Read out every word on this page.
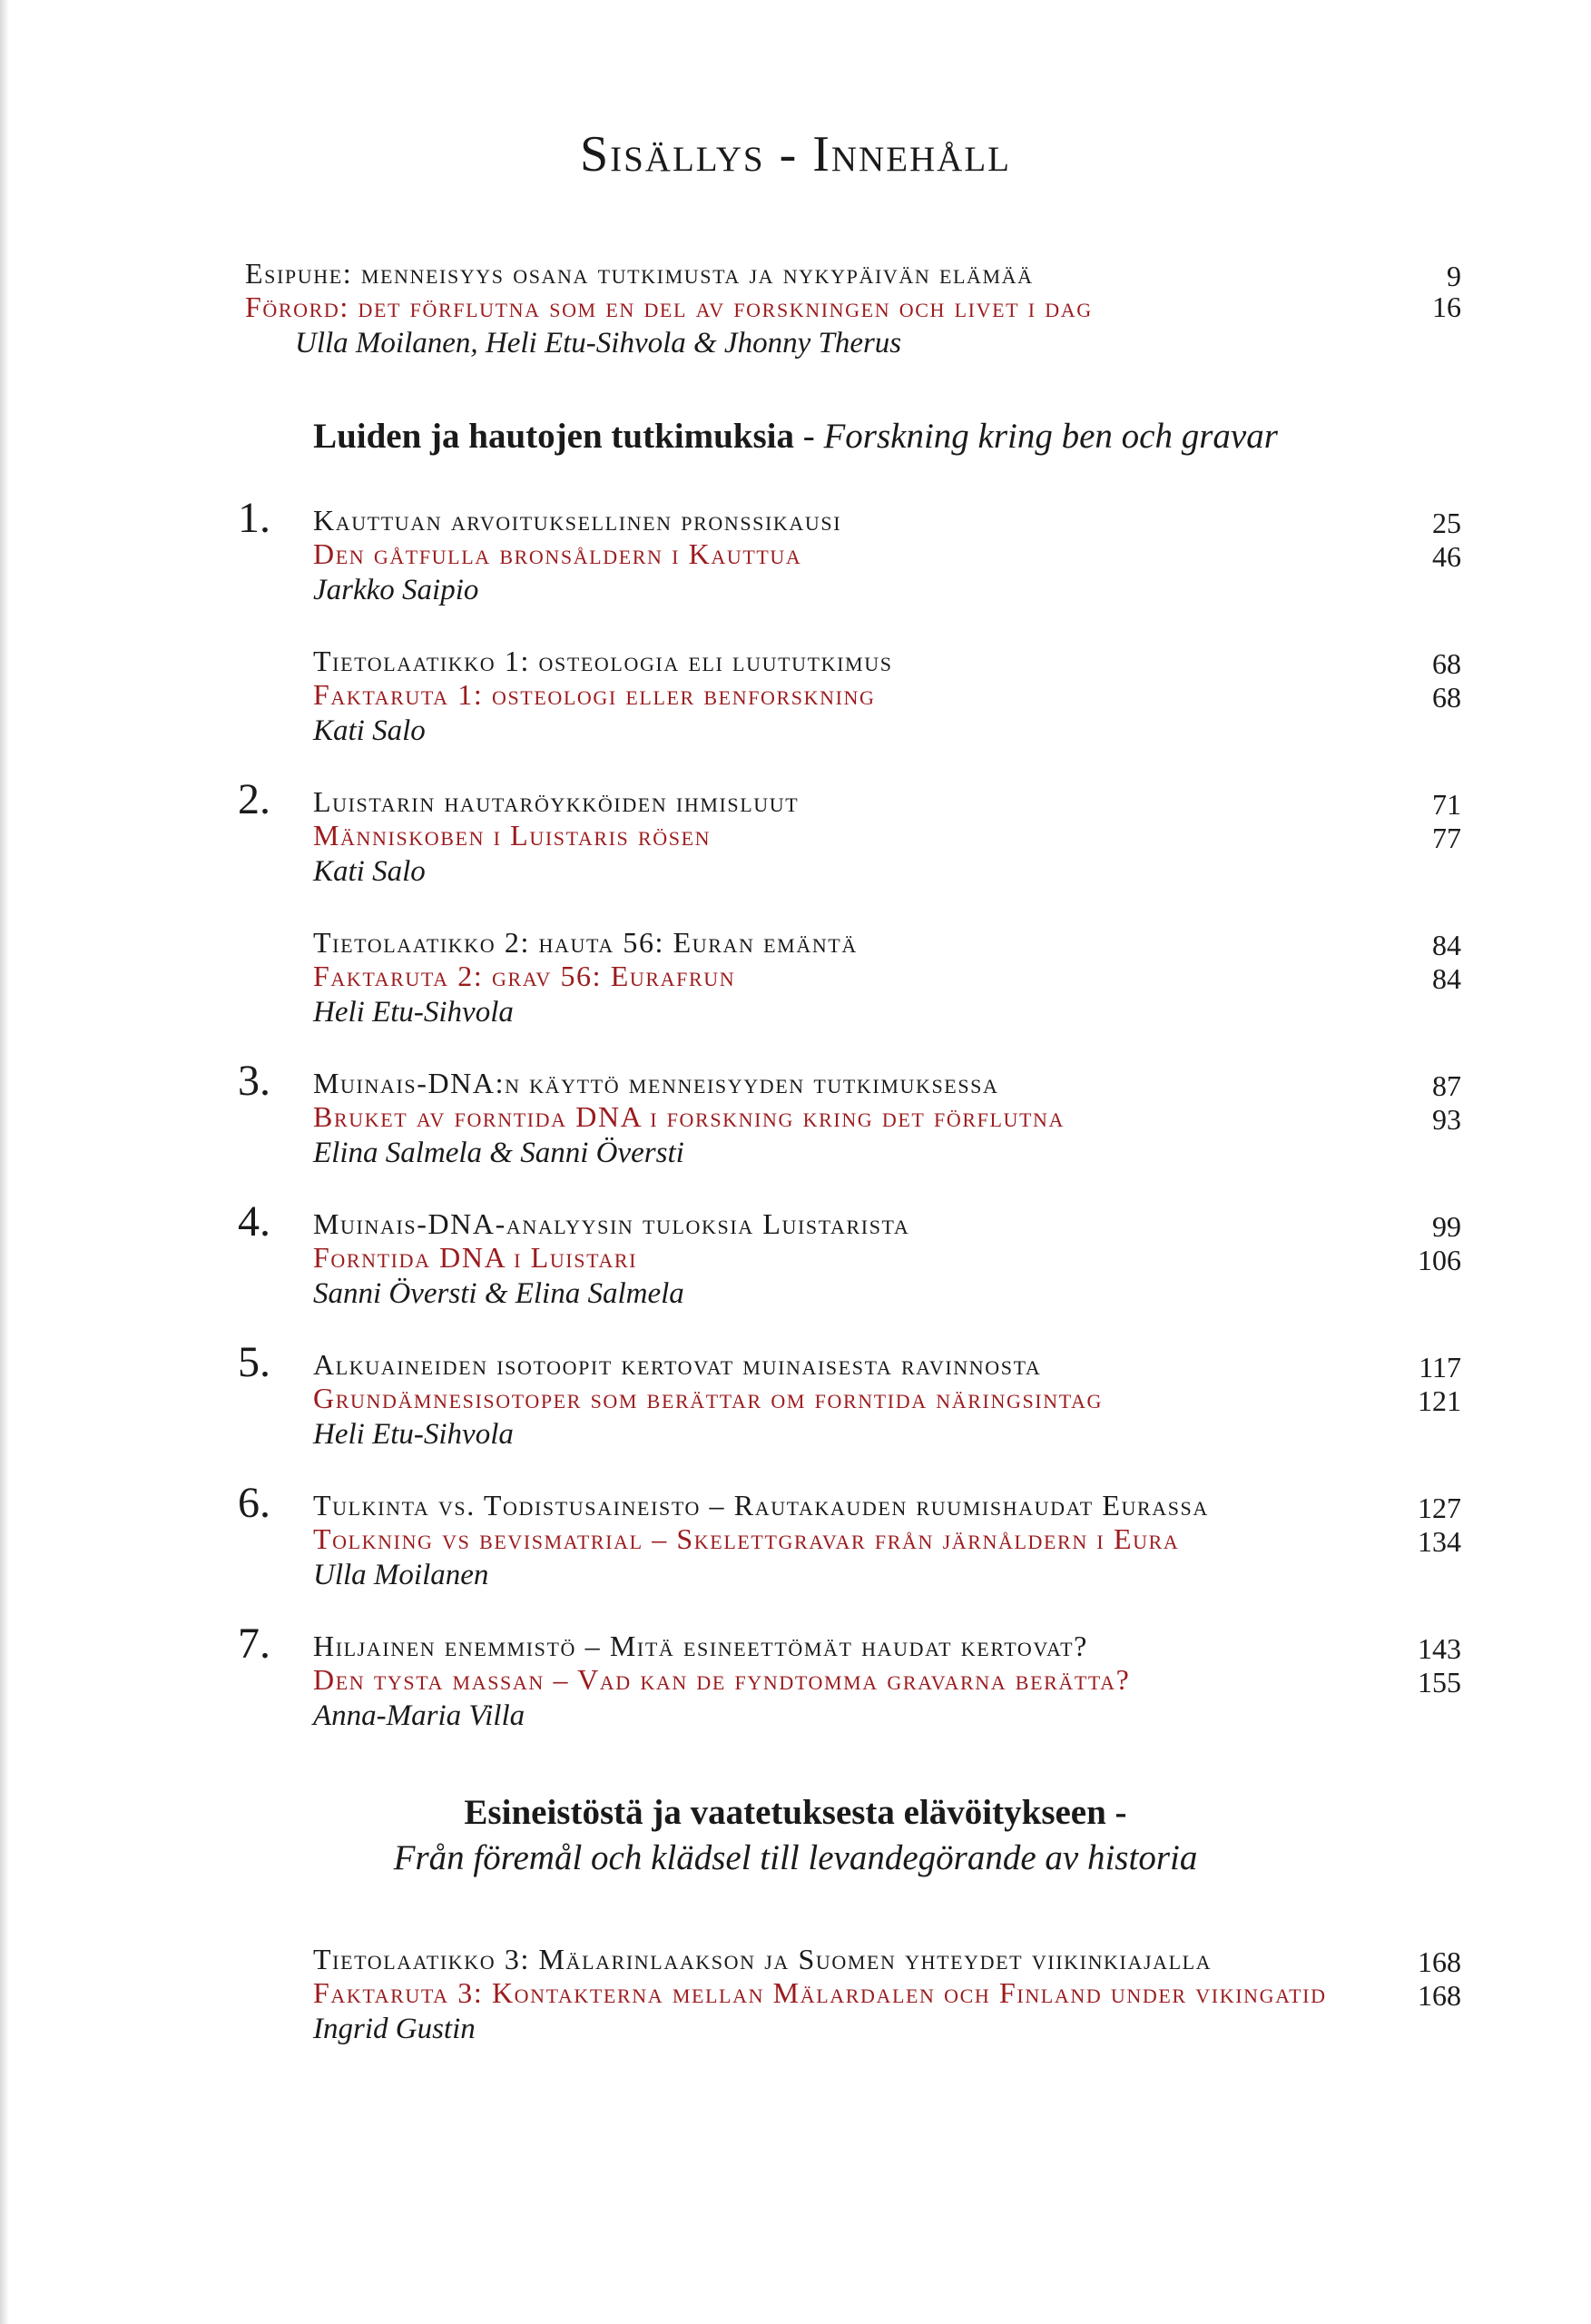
Sisällys - Innehåll

Esipuhe: menneisyys osana tutkimusta ja nykypäivän elämää	9

Förord: det förflutna som en del av forskningen och livet i dag	16

Ulla Moilanen, Heli Etu-Sihvola & Jhonny Therus

Luiden ja hautojen tutkimuksia - Forskning kring ben och gravar

1. Kauttuan arvoituksellinen pronssikausi	25

Den gåtfulla bronsåldern i Kauttua	46

Jarkko Saipio

Tietolaatikko 1: osteologia eli luututkimus	68

Faktaruta 1: osteologi eller benforskning	68

Kati Salo

2. Luistarin hautaröykköiden ihmisluut	71

Människoben i Luistaris rösen	77

Kati Salo

Tietolaatikko 2: hauta 56: Euran emäntä	84

Faktaruta 2: grav 56: Eurafrun	84

Heli Etu-Sihvola

3. Muinais-DNA:n käyttö menneisyyden tutkimuksessa	87

Bruket av forntida DNA i forskning kring det förflutna	93

Elina Salmela & Sanni Översti

4. Muinais-DNA-analyysin tuloksia Luistarista	99

Forntida DNA i Luistari	106

Sanni Översti & Elina Salmela

5. Alkuaineiden isotoopit kertovat muinaisesta ravinnosta	117

Grundämnesisotoper som berättar om forntida näringsintag	121

Heli Etu-Sihvola

6. Tulkinta vs. Todistusaineisto – Rautakauden ruumishaudat Eurassa	127

Tolkning vs bevismatrial – Skelettgravar från järnåldern i Eura	134

Ulla Moilanen

7. Hiljainen enemmistö – Mitä esineettömät haudat kertovat?	143

Den tysta massan – Vad kan de fyndtomma gravarna berätta?	155

Anna-Maria Villa

Esineistöstä ja vaatetuksesta elävöitykseen -

Från föremål och klädsel till levandegörande av historia

Tietolaatikko 3: Mälarinlaakson ja Suomen yhteydet viikinkiajalla	168

Faktaruta 3: Kontakterna mellan Mälardalen och Finland under vikingatid	168

Ingrid Gustin
